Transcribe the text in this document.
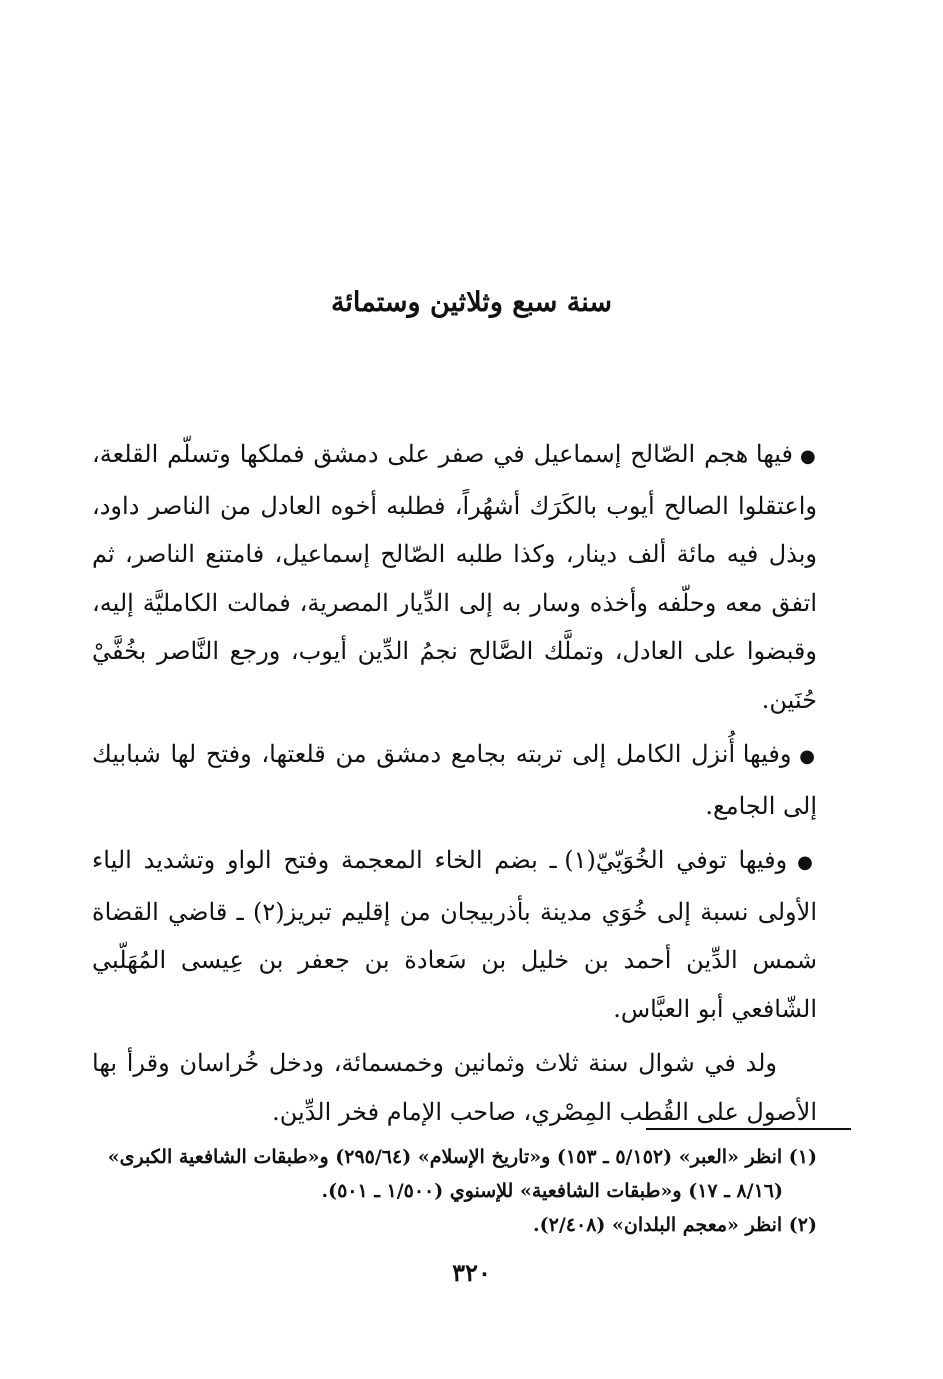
سنة سبع وثلاثين وستمائة

● فيها هجم الصّالح إسماعيل في صفر على دمشق فملكها وتسلّم القلعة، واعتقلوا الصالح أيوب بالكَرَك أشهُراً، فطلبه أخوه العادل من الناصر داود، وبذل فيه مائة ألف دينار، وكذا طلبه الصّالح إسماعيل، فامتنع الناصر، ثم اتفق معه وحلّفه وأخذه وسار به إلى الدِّيار المصرية، فمالت الكامليَّة إليه، وقبضوا على العادل، وتملَّك الصَّالح نجمُ الدِّين أيوب، ورجع النَّاصر بخُفَّيْ حُنَين.

● وفيها أُنزل الكامل إلى تربته بجامع دمشق من قلعتها، وفتح لها شبابيك إلى الجامع.

● وفيها توفي الخُوَيّيّ(١) ـ بضم الخاء المعجمة وفتح الواو وتشديد الياء الأولى نسبة إلى خُوَي مدينة بأذربيجان من إقليم تبريز(٢) ـ قاضي القضاة شمس الدِّين أحمد بن خليل بن سَعادة بن جعفر بن عِيسى المُهَلّبي الشّافعي أبو العبَّاس.

ولد في شوال سنة ثلاث وثمانين وخمسمائة، ودخل خُراسان وقرأ بها الأصول على القُطب المِصْري، صاحب الإمام فخر الدِّين.

(١) انظر «العبر» (٥/١٥٢ ـ ١٥٣) و«تاريخ الإسلام» (٢٩٥/٦٤) و«طبقات الشافعية الكبرى»
(٨/١٦ ـ ١٧) و«طبقات الشافعية» للإسنوي (١/٥٠٠ ـ ٥٠١).
(٢) انظر «معجم البلدان» (٢/٤٠٨).
٣٢٠
